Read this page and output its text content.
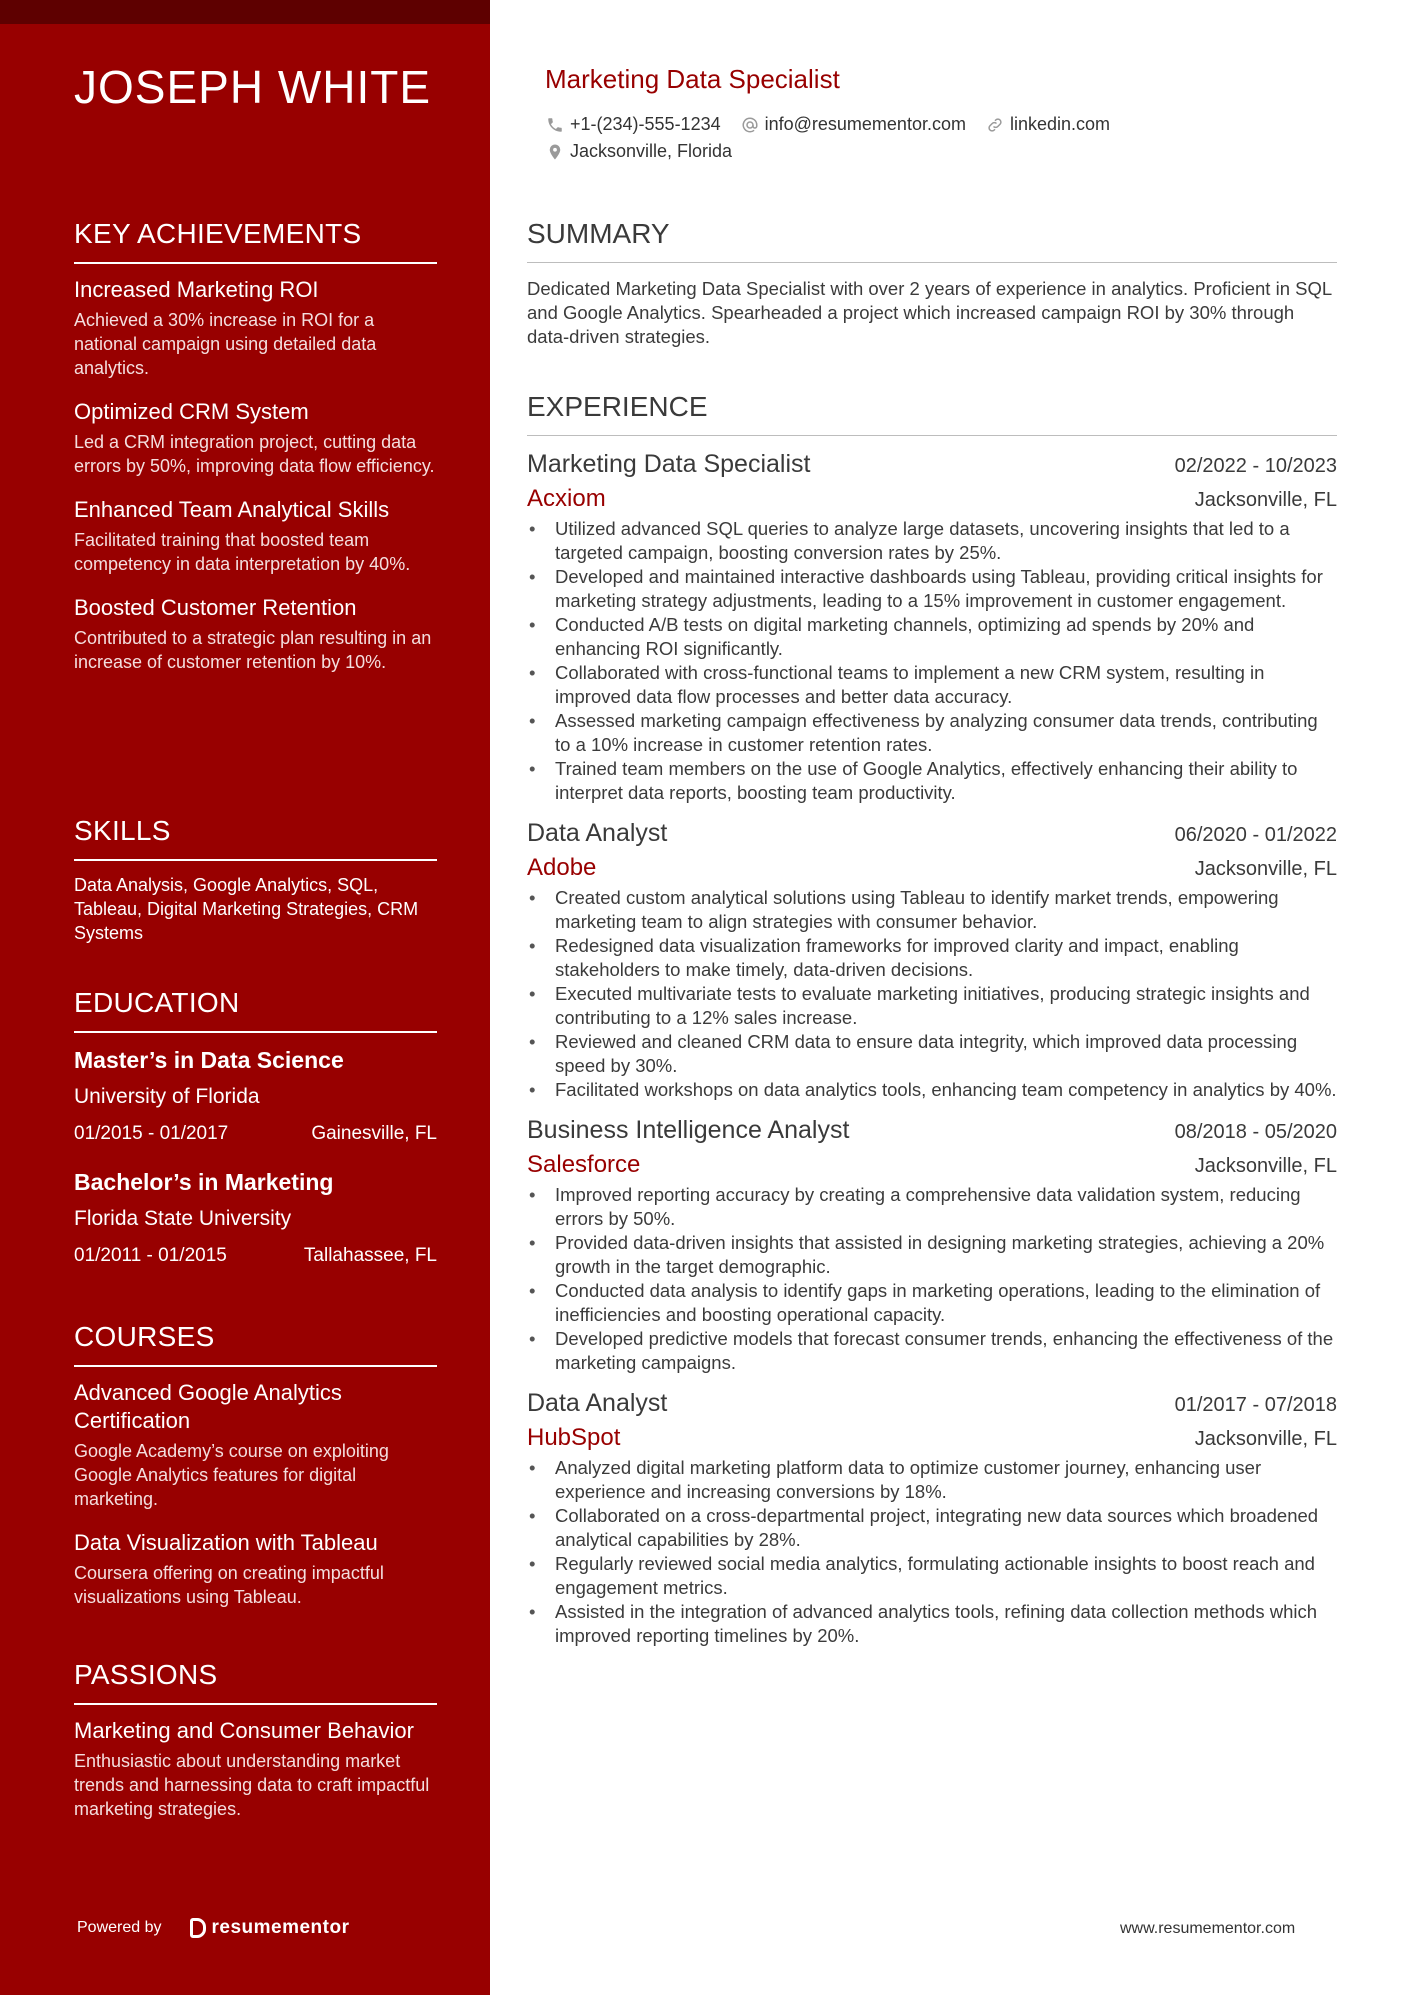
JOSEPH WHITE
KEY ACHIEVEMENTS
Increased Marketing ROI
Achieved a 30% increase in ROI for a national campaign using detailed data analytics.
Optimized CRM System
Led a CRM integration project, cutting data errors by 50%, improving data flow efficiency.
Enhanced Team Analytical Skills
Facilitated training that boosted team competency in data interpretation by 40%.
Boosted Customer Retention
Contributed to a strategic plan resulting in an increase of customer retention by 10%.
SKILLS
Data Analysis, Google Analytics, SQL, Tableau, Digital Marketing Strategies, CRM Systems
EDUCATION
Master’s in Data Science
University of Florida
01/2015 - 01/2017	Gainesville, FL
Bachelor’s in Marketing
Florida State University
01/2011 - 01/2015	Tallahassee, FL
COURSES
Advanced Google Analytics Certification
Google Academy’s course on exploiting Google Analytics features for digital marketing.
Data Visualization with Tableau
Coursera offering on creating impactful visualizations using Tableau.
PASSIONS
Marketing and Consumer Behavior
Enthusiastic about understanding market trends and harnessing data to craft impactful marketing strategies.
Powered by	resumementor
Marketing Data Specialist
+1-(234)-555-1234 info@resumementor.com linkedin.com
Jacksonville, Florida
SUMMARY
Dedicated Marketing Data Specialist with over 2 years of experience in analytics. Proficient in SQL and Google Analytics. Spearheaded a project which increased campaign ROI by 30% through data-driven strategies.
EXPERIENCE
Marketing Data Specialist	02/2022 - 10/2023
Acxiom	Jacksonville, FL
• Utilized advanced SQL queries to analyze large datasets, uncovering insights that led to a targeted campaign, boosting conversion rates by 25%.
• Developed and maintained interactive dashboards using Tableau, providing critical insights for marketing strategy adjustments, leading to a 15% improvement in customer engagement.
• Conducted A/B tests on digital marketing channels, optimizing ad spends by 20% and enhancing ROI significantly.
• Collaborated with cross-functional teams to implement a new CRM system, resulting in improved data flow processes and better data accuracy.
• Assessed marketing campaign effectiveness by analyzing consumer data trends, contributing to a 10% increase in customer retention rates.
• Trained team members on the use of Google Analytics, effectively enhancing their ability to interpret data reports, boosting team productivity.
Data Analyst	06/2020 - 01/2022
Adobe	Jacksonville, FL
• Created custom analytical solutions using Tableau to identify market trends, empowering marketing team to align strategies with consumer behavior.
• Redesigned data visualization frameworks for improved clarity and impact, enabling stakeholders to make timely, data-driven decisions.
• Executed multivariate tests to evaluate marketing initiatives, producing strategic insights and contributing to a 12% sales increase.
• Reviewed and cleaned CRM data to ensure data integrity, which improved data processing speed by 30%.
• Facilitated workshops on data analytics tools, enhancing team competency in analytics by 40%.
Business Intelligence Analyst	08/2018 - 05/2020
Salesforce	Jacksonville, FL
• Improved reporting accuracy by creating a comprehensive data validation system, reducing errors by 50%.
• Provided data-driven insights that assisted in designing marketing strategies, achieving a 20% growth in the target demographic.
• Conducted data analysis to identify gaps in marketing operations, leading to the elimination of inefficiencies and boosting operational capacity.
• Developed predictive models that forecast consumer trends, enhancing the effectiveness of the marketing campaigns.
Data Analyst	01/2017 - 07/2018
HubSpot	Jacksonville, FL
• Analyzed digital marketing platform data to optimize customer journey, enhancing user experience and increasing conversions by 18%.
• Collaborated on a cross-departmental project, integrating new data sources which broadened analytical capabilities by 28%.
• Regularly reviewed social media analytics, formulating actionable insights to boost reach and engagement metrics.
• Assisted in the integration of advanced analytics tools, refining data collection methods which improved reporting timelines by 20%.
www.resumementor.com
